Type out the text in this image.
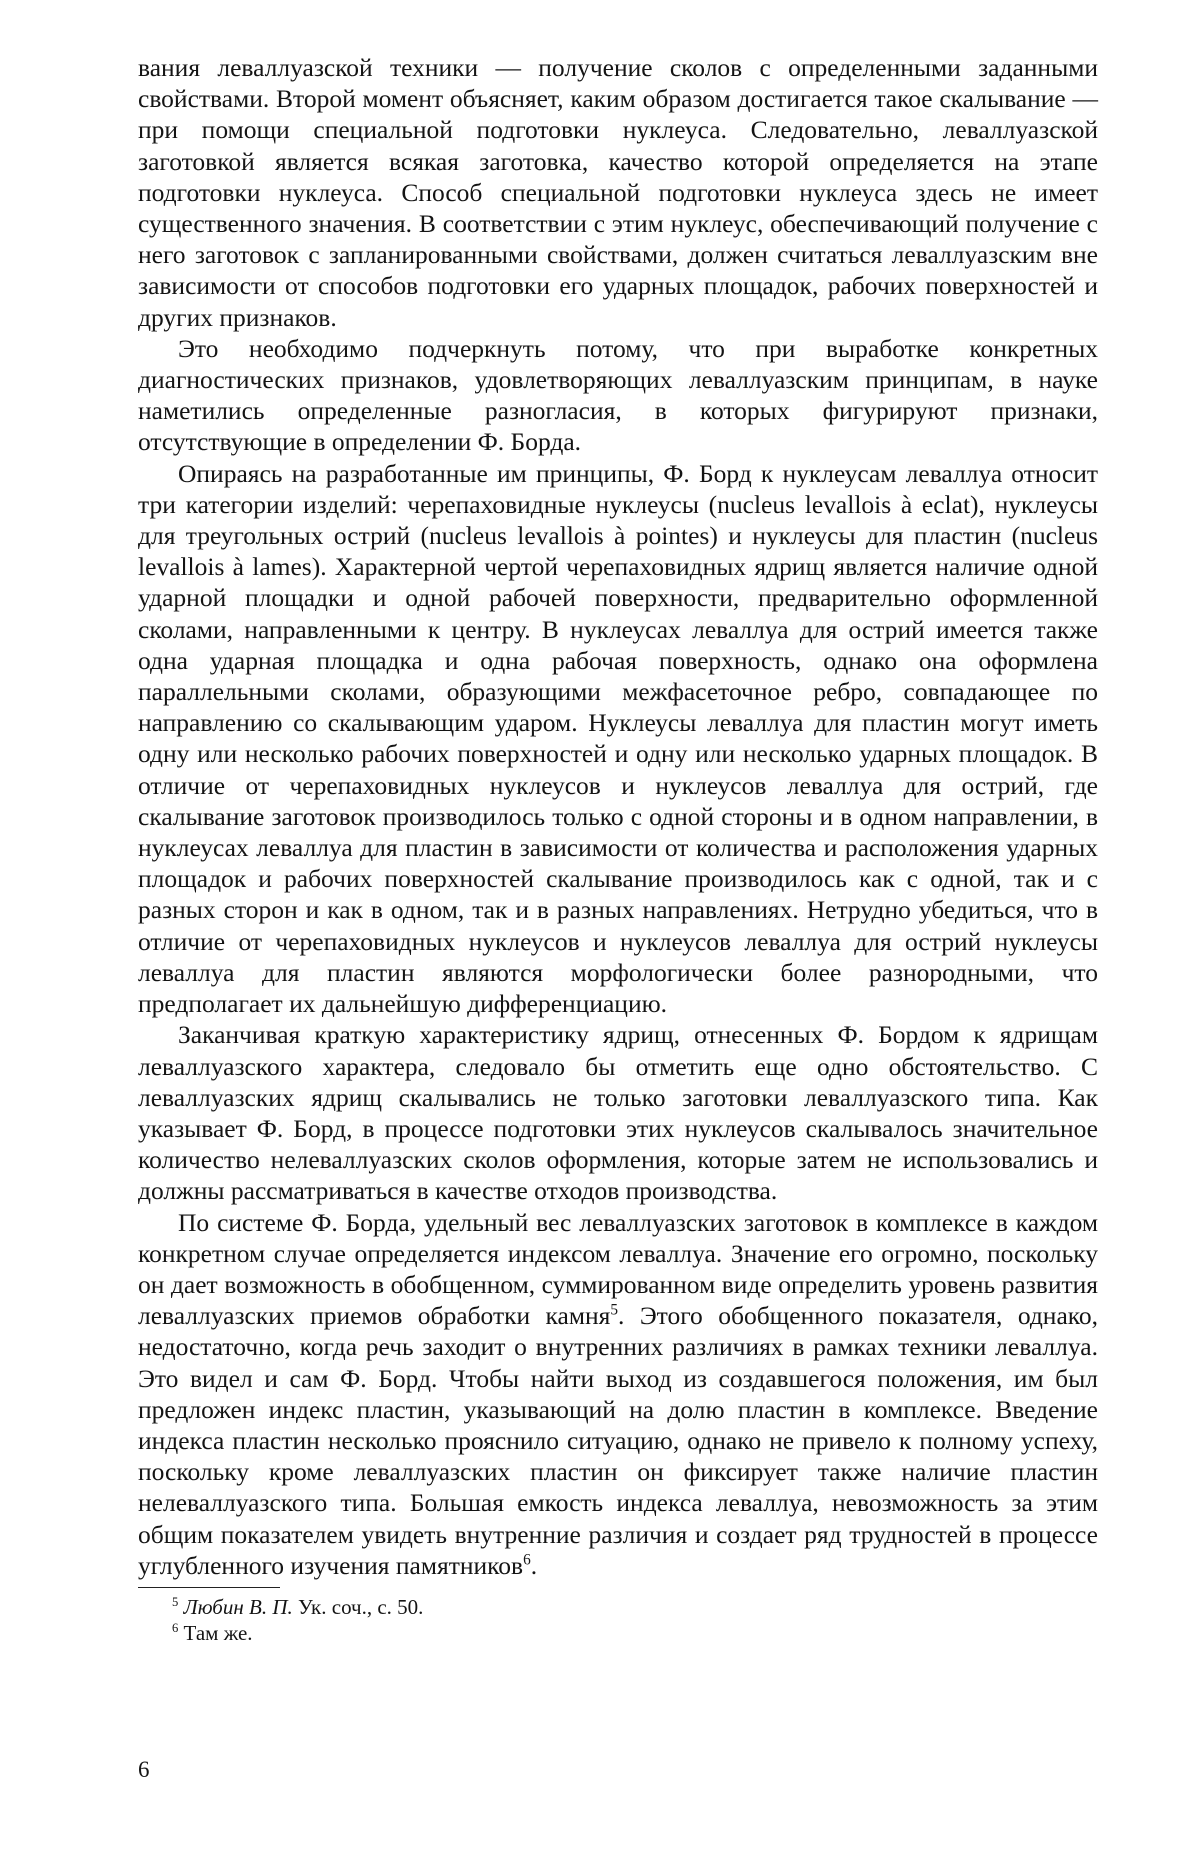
вания леваллуазской техники — получение сколов с определенными заданными свойствами. Второй момент объясняет, каким образом достигается такое скалывание — при помощи специальной подготовки нуклеуса. Следовательно, леваллуазской заготовкой является всякая заготовка, качество которой определяется на этапе подготовки нуклеуса. Способ специальной подготовки нуклеуса здесь не имеет существенного значения. В соответствии с этим нуклеус, обеспечивающий получение с него заготовок с запланированными свойствами, должен считаться леваллуазским вне зависимости от способов подготовки его ударных площадок, рабочих поверхностей и других признаков.

Это необходимо подчеркнуть потому, что при выработке конкретных диагностических признаков, удовлетворяющих леваллуазским принципам, в науке наметились определенные разногласия, в которых фигурируют признаки, отсутствующие в определении Ф. Борда.

Опираясь на разработанные им принципы, Ф. Борд к нуклеусам леваллуа относит три категории изделий: черепаховидные нуклеусы (nucleus levallois à eclat), нуклеусы для треугольных острий (nucleus levallois à pointes) и нуклеусы для пластин (nucleus levallois à lames). Характерной чертой черепаховидных ядрищ является наличие одной ударной площадки и одной рабочей поверхности, предварительно оформленной сколами, направленными к центру. В нуклеусах леваллуа для острий имеется также одна ударная площадка и одна рабочая поверхность, однако она оформлена параллельными сколами, образующими межфасеточное ребро, совпадающее по направлению со скалывающим ударом. Нуклеусы леваллуа для пластин могут иметь одну или несколько рабочих поверхностей и одну или несколько ударных площадок. В отличие от черепаховидных нуклеусов и нуклеусов леваллуа для острий, где скалывание заготовок производилось только с одной стороны и в одном направлении, в нуклеусах леваллуа для пластин в зависимости от количества и расположения ударных площадок и рабочих поверхностей скалывание производилось как с одной, так и с разных сторон и как в одном, так и в разных направлениях. Нетрудно убедиться, что в отличие от черепаховидных нуклеусов и нуклеусов леваллуа для острий нуклеусы леваллуа для пластин являются морфологически более разнородными, что предполагает их дальнейшую дифференциацию.

Заканчивая краткую характеристику ядрищ, отнесенных Ф. Бордом к ядрищам леваллуазского характера, следовало бы отметить еще одно обстоятельство. С леваллуазских ядрищ скалывались не только заготовки леваллуазского типа. Как указывает Ф. Борд, в процессе подготовки этих нуклеусов скалывалось значительное количество нелеваллуазских сколов оформления, которые затем не использовались и должны рассматриваться в качестве отходов производства.

По системе Ф. Борда, удельный вес леваллуазских заготовок в комплексе в каждом конкретном случае определяется индексом леваллуа. Значение его огромно, поскольку он дает возможность в обобщенном, суммированном виде определить уровень развития леваллуазских приемов обработки камня$^5$. Этого обобщенного показателя, однако, недостаточно, когда речь заходит о внутренних различиях в рамках техники леваллуа. Это видел и сам Ф. Борд. Чтобы найти выход из создавшегося положения, им был предложен индекс пластин, указывающий на долю пластин в комплексе. Введение индекса пластин несколько прояснило ситуацию, однако не привело к полному успеху, поскольку кроме леваллуазских пластин он фиксирует также наличие пластин нелеваллуазского типа. Большая емкость индекса леваллуа, невозможность за этим общим показателем увидеть внутренние различия и создает ряд трудностей в процессе углубленного изучения памятников$^6$.

$^5$ Любин В. П. Ук. соч., с. 50.

$^6$ Там же.

6
